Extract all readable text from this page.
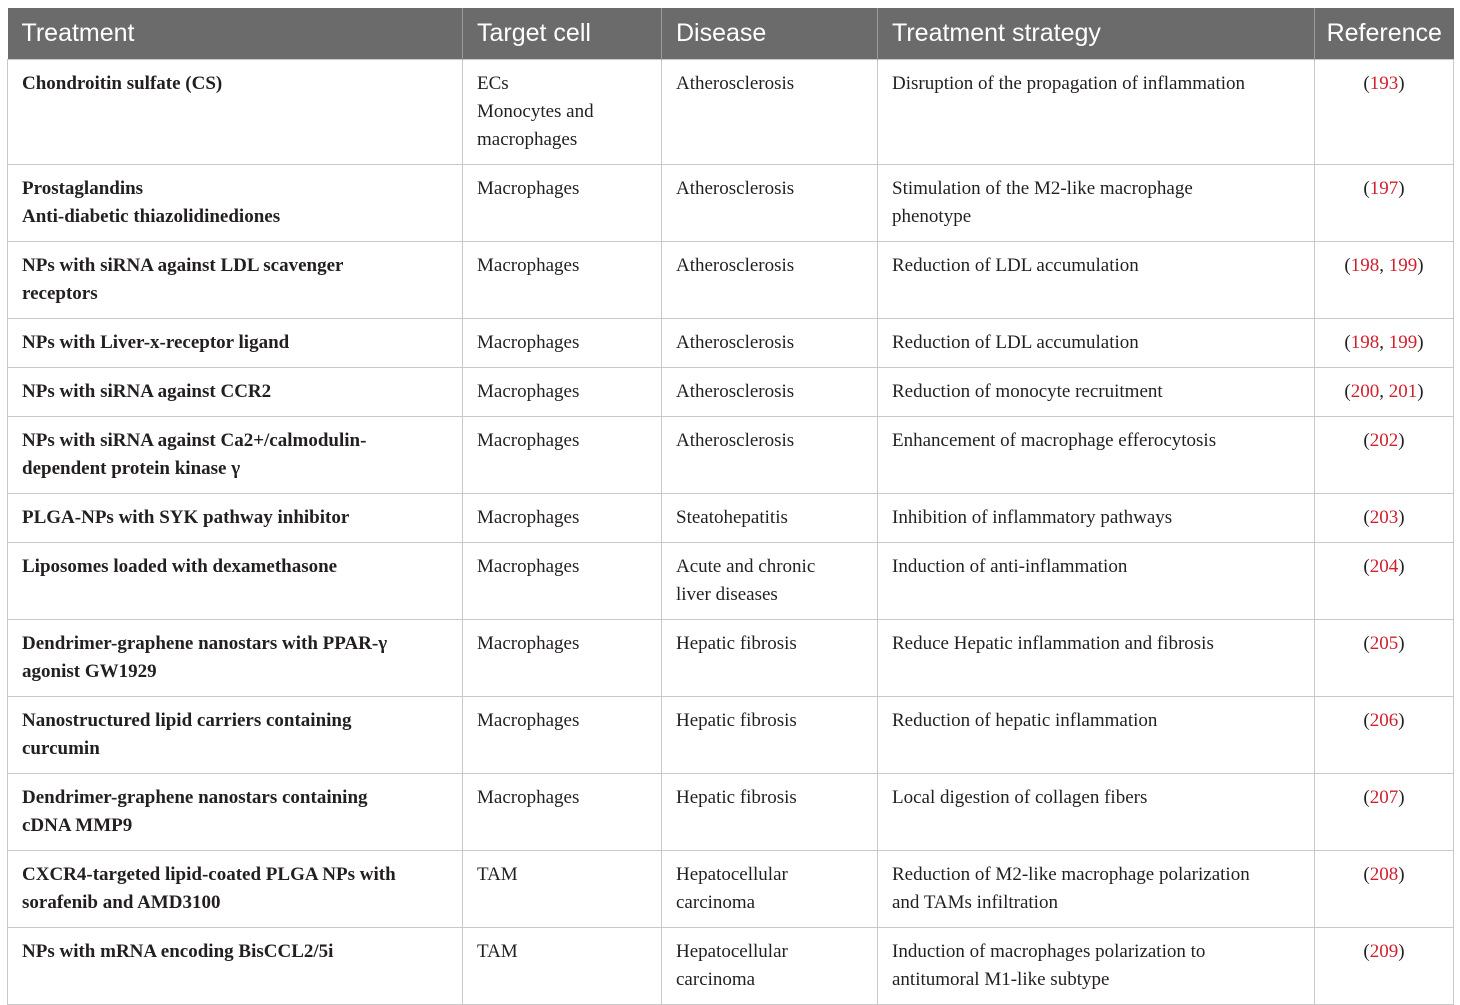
Treatment	Target cell	Disease	Treatment strategy	Reference

Chondroitin sulfate (CS)	ECs
Monocytes and
macrophages	Atherosclerosis	Disruption of the propagation of inflammation	(193)

Prostaglandins
Anti-diabetic thiazolidinediones	Macrophages	Atherosclerosis	Stimulation of the M2-like macrophage
phenotype	(197)

NPs with siRNA against LDL scavenger
receptors	Macrophages	Atherosclerosis	Reduction of LDL accumulation	(198, 199)

NPs with Liver-x-receptor ligand	Macrophages	Atherosclerosis	Reduction of LDL accumulation	(198, 199)

NPs with siRNA against CCR2	Macrophages	Atherosclerosis	Reduction of monocyte recruitment	(200, 201)

NPs with siRNA against Ca2+/calmodulin-
dependent protein kinase γ	Macrophages	Atherosclerosis	Enhancement of macrophage efferocytosis	(202)

PLGA-NPs with SYK pathway inhibitor	Macrophages	Steatohepatitis	Inhibition of inflammatory pathways	(203)

Liposomes loaded with dexamethasone	Macrophages	Acute and chronic
liver diseases	Induction of anti-inflammation	(204)

Dendrimer-graphene nanostars with PPAR-γ
agonist GW1929	Macrophages	Hepatic fibrosis	Reduce Hepatic inflammation and fibrosis	(205)

Nanostructured lipid carriers containing
curcumin	Macrophages	Hepatic fibrosis	Reduction of hepatic inflammation	(206)

Dendrimer-graphene nanostars containing
cDNA MMP9	Macrophages	Hepatic fibrosis	Local digestion of collagen fibers	(207)

CXCR4-targeted lipid-coated PLGA NPs with
sorafenib and AMD3100	TAM	Hepatocellular
carcinoma	Reduction of M2-like macrophage polarization
and TAMs infiltration	(208)

NPs with mRNA encoding BisCCL2/5i	TAM	Hepatocellular
carcinoma	Induction of macrophages polarization to
antitumoral M1-like subtype	(209)
